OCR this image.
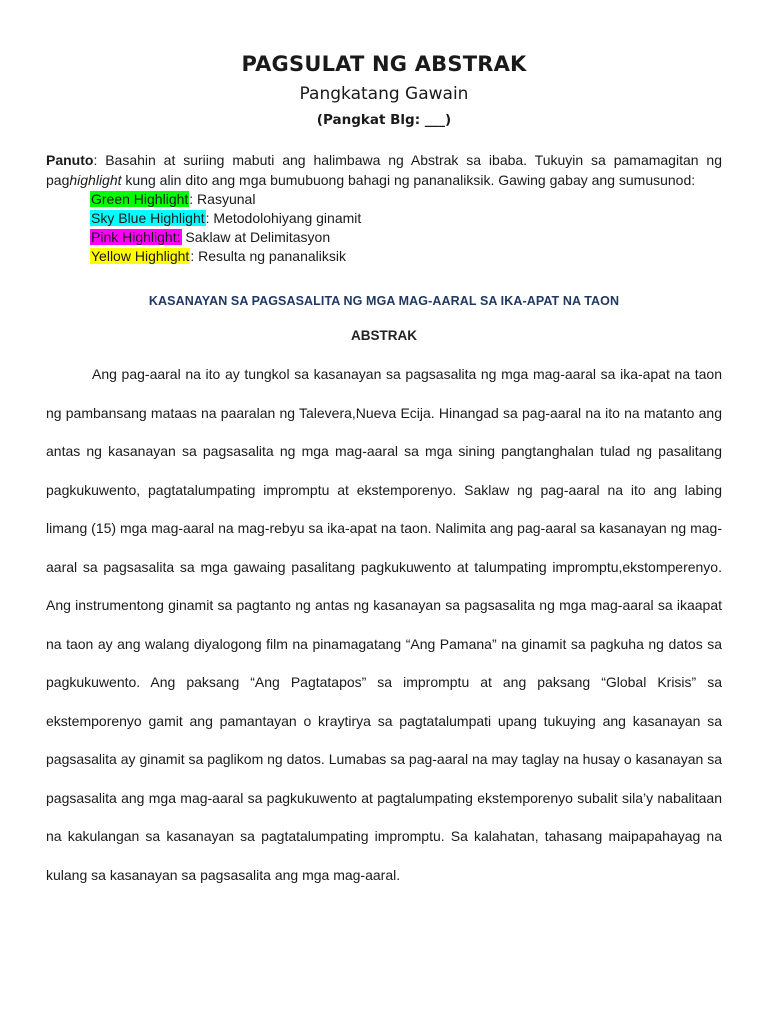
PAGSULAT NG ABSTRAK
Pangkatang Gawain
(Pangkat Blg: ___)
Panuto: Basahin at suriing mabuti ang halimbawa ng Abstrak sa ibaba. Tukuyin sa pamamagitan ng paghighlight kung alin dito ang mga bumubuong bahagi ng pananaliksik. Gawing gabay ang sumusunod:
Green Highlight: Rasyunal
Sky Blue Highlight: Metodolohiyang ginamit
Pink Highlight: Saklaw at Delimitasyon
Yellow Highlight: Resulta ng pananaliksik
KASANAYAN SA PAGSASALITA NG MGA MAG-AARAL SA IKA-APAT NA TAON
ABSTRAK

Ang pag-aaral na ito ay tungkol sa kasanayan sa pagsasalita ng mga mag-aaral sa ika-apat na taon ng pambansang mataas na paaralan ng Talevera,Nueva Ecija. Hinangad sa pag-aaral na ito na matanto ang antas ng kasanayan sa pagsasalita ng mga mag-aaral sa mga sining pangtanghalan tulad ng pasalitang pagkukuwento, pagtatalumpating impromptu at ekstemporenyo. Saklaw ng pag-aaral na ito ang labing limang (15) mga mag-aaral na mag-rebyu sa ika-apat na taon. Nalimita ang pag-aaral sa kasanayan ng mag-aaral sa pagsasalita sa mga gawaing pasalitang pagkukuwento at talumpating impromptu,ekstomperenyo. Ang instrumentong ginamit sa pagtanto ng antas ng kasanayan sa pagsasalita ng mga mag-aaral sa ikaapat na taon ay ang walang diyalogong film na pinamagatang “Ang Pamana” na ginamit sa pagkuha ng datos sa pagkukuwento. Ang paksang “Ang Pagtatapos” sa impromptu at ang paksang “Global Krisis” sa ekstemporenyo gamit ang pamantayan o kraytirya sa pagtatalumpati upang tukuying ang kasanayan sa pagsasalita ay ginamit sa paglikom ng datos. Lumabas sa pag-aaral na may taglay na husay o kasanayan sa pagsasalita ang mga mag-aaral sa pagkukuwento at pagtalumpating ekstemporenyo subalit sila’y nabalitaan na kakulangan sa kasanayan sa pagtatalumpating impromptu. Sa kalahatan, tahasang maipapahayag na kulang sa kasanayan sa pagsasalita ang mga mag-aaral.
